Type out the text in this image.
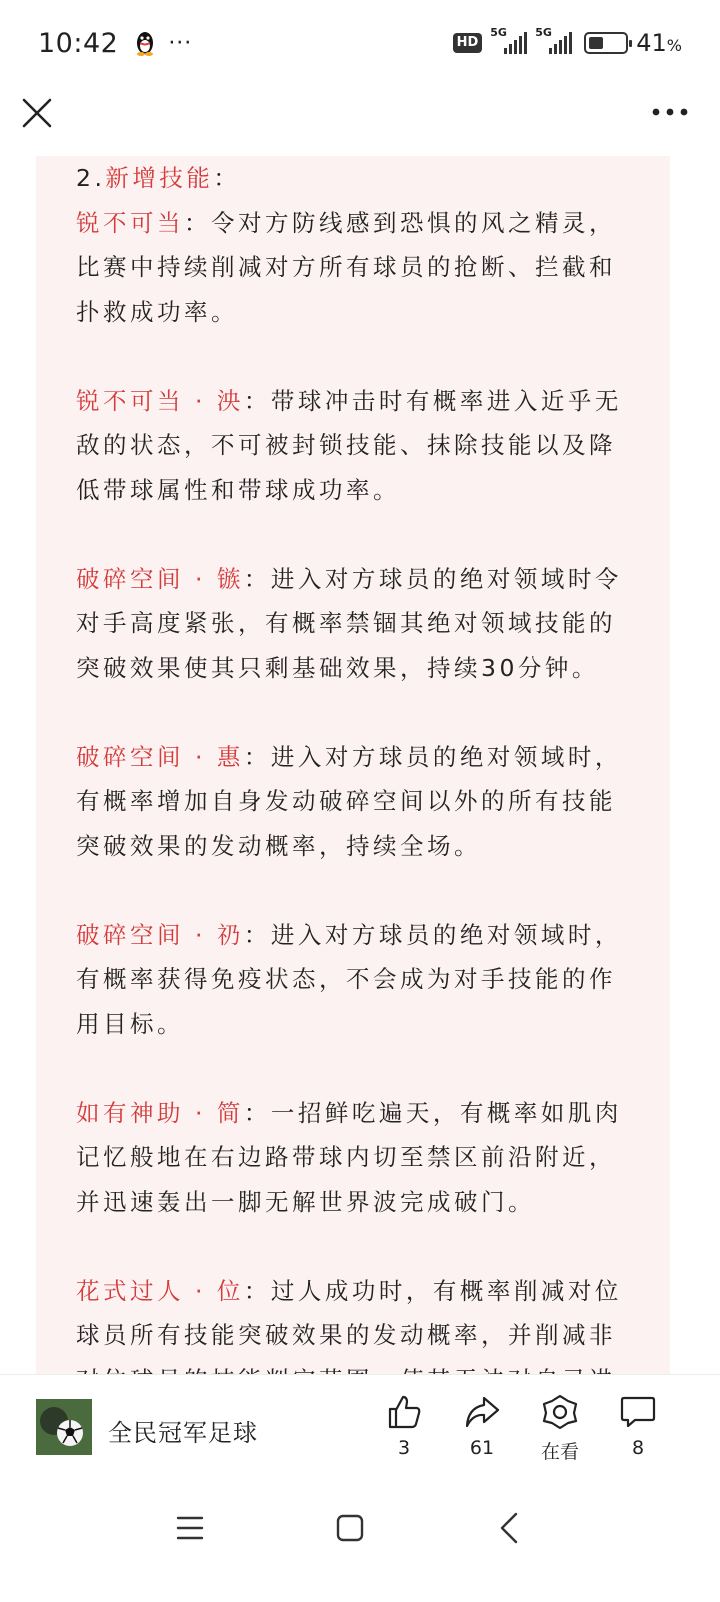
10:42 ···	HD
5G	5G	41%
2.新增技能：
锐不可当：令对方防线感到恐惧的风之精灵，比赛中持续削减对方所有球员的抢断、拦截和扑救成功率。
锐不可当 · 泱：带球冲击时有概率进入近乎无敌的状态，不可被封锁技能、抹除技能以及降低带球属性和带球成功率。
破碎空间 · 镞：进入对方球员的绝对领域时令对手高度紧张，有概率禁锢其绝对领域技能的突破效果使其只剩基础效果，持续30分钟。
破碎空间 · 惠：进入对方球员的绝对领域时，有概率增加自身发动破碎空间以外的所有技能突破效果的发动概率，持续全场。
破碎空间 · 礽：进入对方球员的绝对领域时，有概率获得免疫状态，不会成为对手技能的作用目标。
如有神助 · 简：一招鲜吃遍天，有概率如肌肉记忆般地在右边路带球内切至禁区前沿附近，并迅速轰出一脚无解世界波完成破门。
花式过人 · 位：过人成功时，有概率削减对位球员所有技能突破效果的发动概率，并削减非
全民冠军足球
3	61	在看	8
